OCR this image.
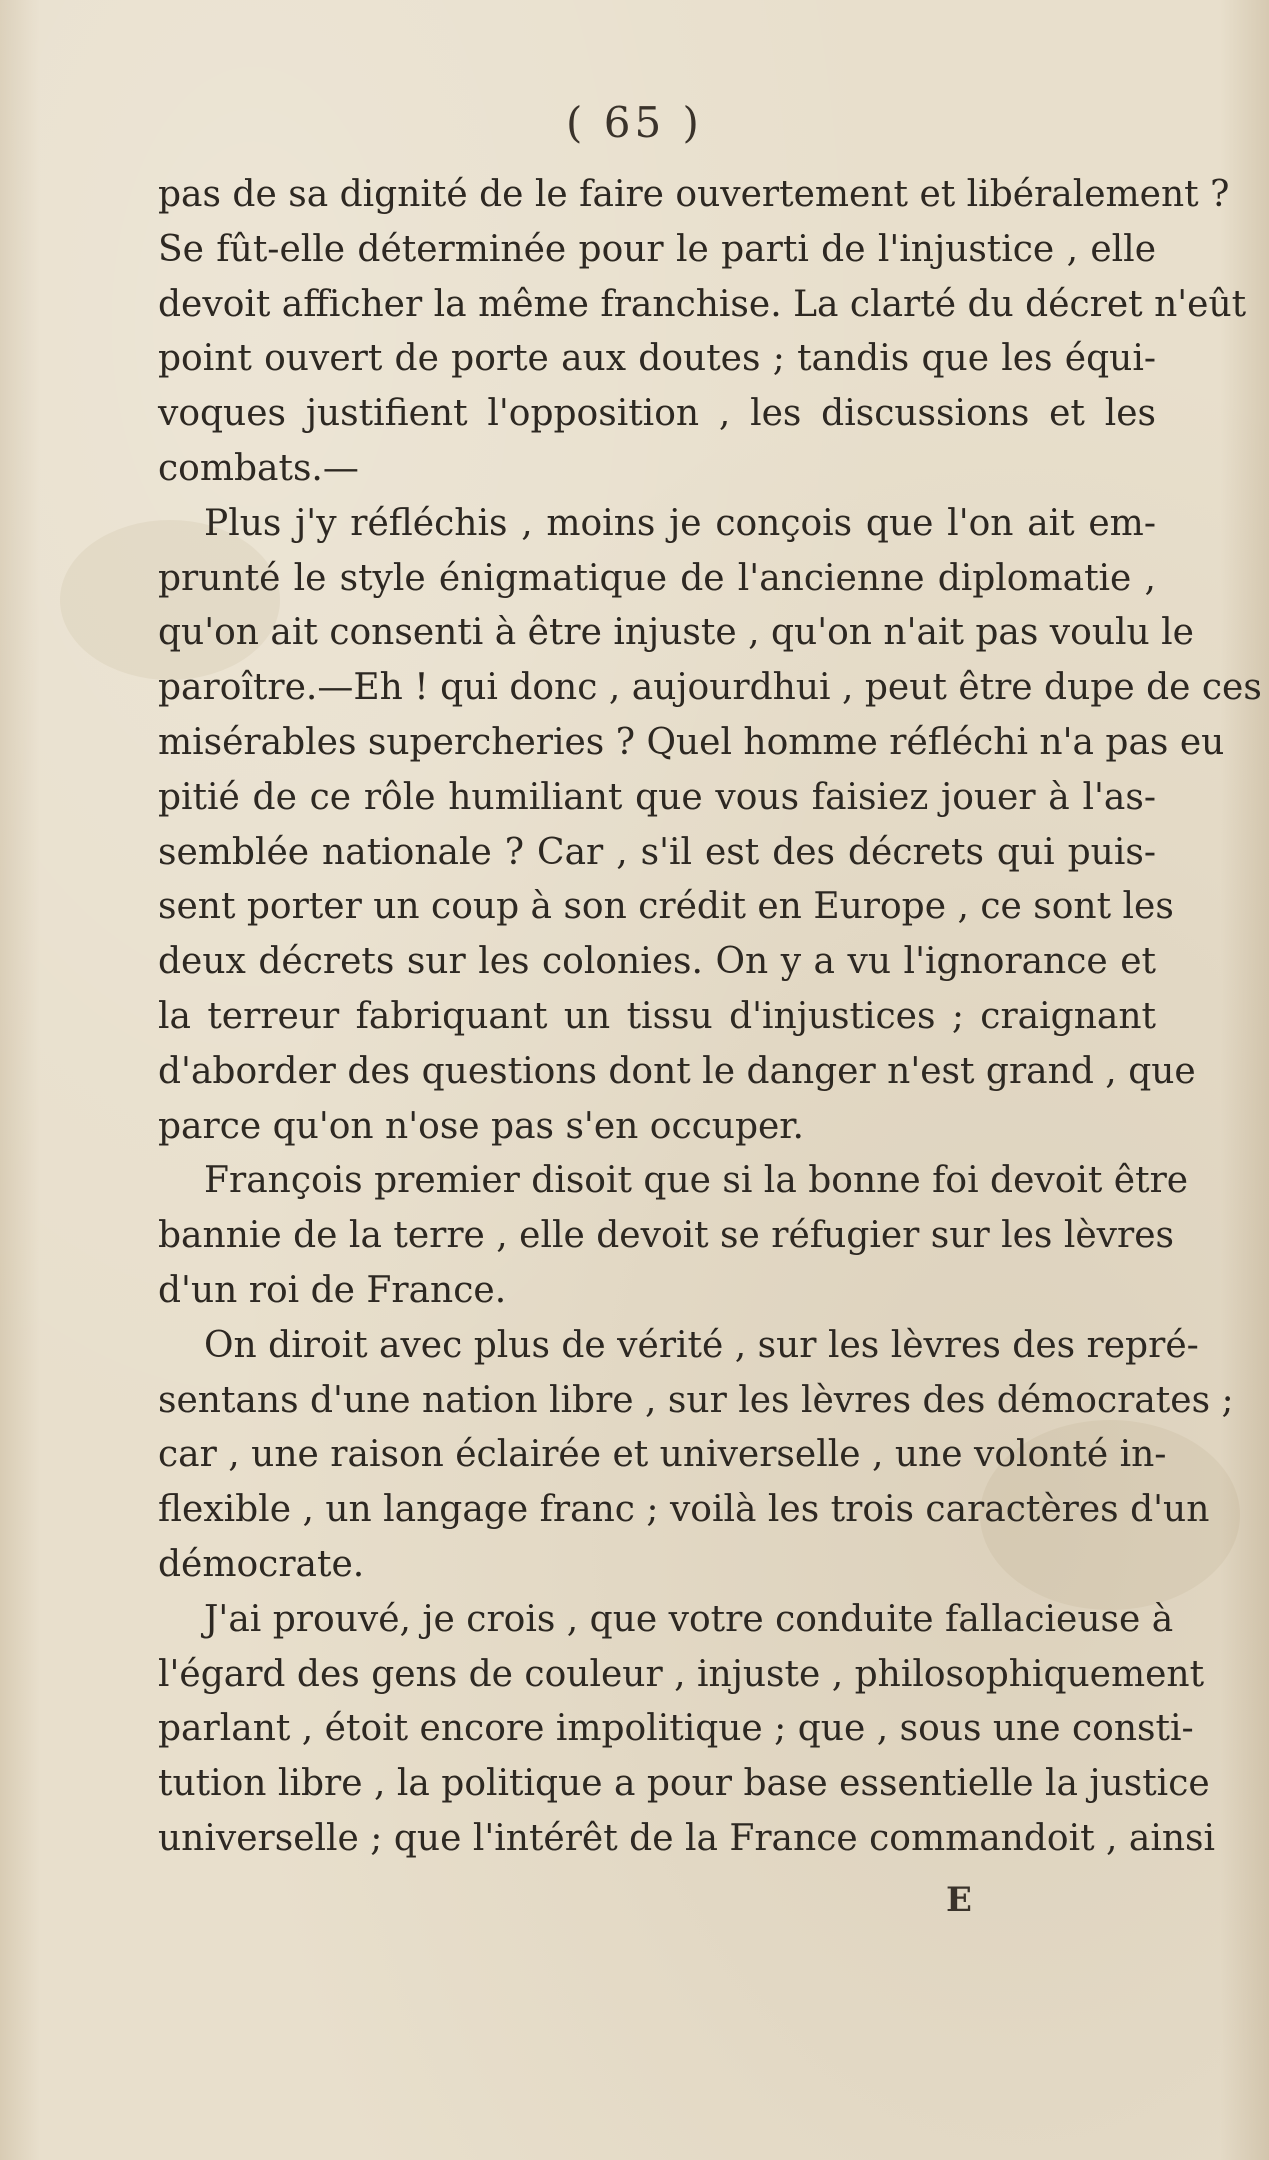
( 65 )
pas de sa dignité de le faire ouvertement et libéralement ?
Se fût-elle déterminée pour le parti de l'injustice , elle
devoit afficher la même franchise. La clarté du décret n'eût
point ouvert de porte aux doutes ; tandis que les équi-
voques justifient l'opposition , les discussions et les
combats.—
Plus j'y réfléchis , moins je conçois que l'on ait em-
prunté le style énigmatique de l'ancienne diplomatie ,
qu'on ait consenti à être injuste , qu'on n'ait pas voulu le
paroître.—Eh ! qui donc , aujourdhui , peut être dupe de ces
misérables supercheries ? Quel homme réfléchi n'a pas eu
pitié de ce rôle humiliant que vous faisiez jouer à l'as-
semblée nationale ? Car , s'il est des décrets qui puis-
sent porter un coup à son crédit en Europe , ce sont les
deux décrets sur les colonies. On y a vu l'ignorance et
la terreur fabriquant un tissu d'injustices ; craignant
d'aborder des questions dont le danger n'est grand , que
parce qu'on n'ose pas s'en occuper.
François premier disoit que si la bonne foi devoit être
bannie de la terre , elle devoit se réfugier sur les lèvres
d'un roi de France.
On diroit avec plus de vérité , sur les lèvres des repré-
sentans d'une nation libre , sur les lèvres des démocrates ;
car , une raison éclairée et universelle , une volonté in-
flexible , un langage franc ; voilà les trois caractères d'un
démocrate.
J'ai prouvé, je crois , que votre conduite fallacieuse à
l'égard des gens de couleur , injuste , philosophiquement
parlant , étoit encore impolitique ; que , sous une consti-
tution libre , la politique a pour base essentielle la justice
universelle ; que l'intérêt de la France commandoit , ainsi
E
